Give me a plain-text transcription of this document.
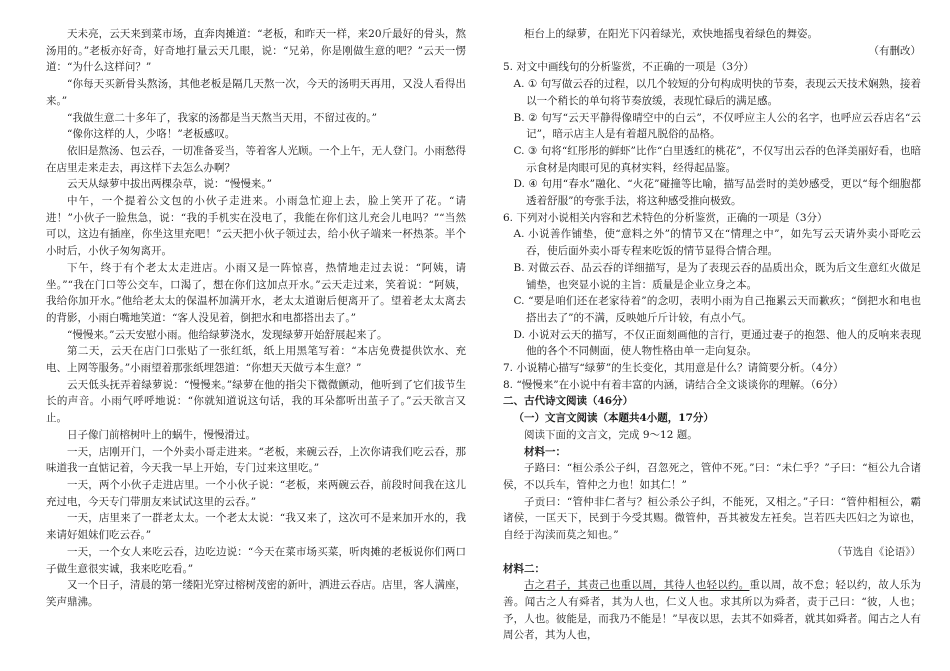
天未亮，云天来到菜市场，直奔肉摊道：“老板，和昨天一样，来20斤最好的骨头，熬汤用的。”老板亦好奇，好奇地打量云天几眼，说：“兄弟，你是刚做生意的吧？”云天一愣道：“为什么这样问？”

“你每天买新骨头熬汤，其他老板是隔几天熬一次，今天的汤明天再用，又没人看得出来。”

“我做生意二十多年了，我家的汤都是当天熬当天用，不留过夜的。”

“像你这样的人，少咯！”老板感叹。

依旧是熬汤、包云吞，一切准备妥当，等着客人光顾。一个上午，无人登门。小雨愁得在店里走来走去，再这样下去怎么办啊？

云天从绿萝中拔出两棵杂草，说：“慢慢来。”

中午，一个提着公文包的小伙子走进来。小雨急忙迎上去，脸上笑开了花。“请进！”小伙子一脸焦急，说：“我的手机实在没电了，我能在你们这儿充会儿电吗？”“当然可以，这边有插座，你坐这里充吧！”云天把小伙子领过去，给小伙子端来一杯热茶。半个小时后，小伙子匆匆离开。

下午，终于有个老太太走进店。小雨又是一阵惊喜，热情地走过去说：“阿姨，请坐。”“我在门口等公交车，口渴了，想在你们这加点开水。”云天走过来，笑着说：“阿姨，我给你加开水。”他给老太太的保温杯加满开水，老太太道谢后便离开了。望着老太太离去的背影，小雨白嘴地笑道：“客人没见着，倒把水和电都搭出去了。”

“慢慢来。”云天安慰小雨。他给绿萝浇水，发现绿萝开始舒展起来了。

第二天，云天在店门口张贴了一张红纸，纸上用黑笔写着：“本店免费提供饮水、充电、上网等服务。”小雨望着那张纸埋怨道：“你想天天做亏本生意？”

云天低头抚弄着绿萝说：“慢慢来。”绿萝在他的指尖下微微颤动，他听到了它们拔节生长的声音。小雨气呼呼地说：“你就知道说这句话，我的耳朵都听出茧子了。”云天欲言又止。

日子像门前榕树叶上的蜗牛，慢慢滑过。

一天，店刚开门，一个外卖小哥走进来。“老板，来碗云吞，上次你请我们吃云吞，那味道我一直惦记着，今天我一早上开始，专门过来这里吃。”

一天，两个小伙子走进店里。一个小伙子说：“老板，来两碗云吞，前段时间我在这儿充过电，今天专门带朋友来试试这里的云吞。”

一天，店里来了一群老太太。一个老太太说：“我又来了，这次可不是来加开水的，我来请好姐妹们吃云吞。”

一天，一个女人来吃云吞，边吃边说：“今天在菜市场买菜，听肉摊的老板说你们两口子做生意很实诚，我来吃吃看。”

又一个日子，清晨的第一缕阳光穿过榕树茂密的新叶，洒进云吞店。店里，客人满座，笑声鼎沸。

柜台上的绿萝，在阳光下闪着绿光，欢快地摇曳着绿色的舞姿。

（有删改）

5. 对文中画线句的分析鉴赏，不正确的一项是（3分）

A. ① 句写做云吞的过程，以几个较短的分句构成明快的节奏，表现云天技术娴熟，接着以一个稍长的单句将节奏放缓，表现忙碌后的满足感。

B. ② 句写“云天平静得像晴空中的白云”，不仅呼应主人公的名字，也呼应云吞店名“云记”，暗示店主人是有着超凡脱俗的品格。

C. ③ 句将“红彤彤的鲜虾”比作“白里透红的桃花”，不仅写出云吞的色泽美丽好看，也暗示食材是肉眼可见的真材实料，经得起品鉴。

D. ④ 句用“春水”融化、“火花”碰撞等比喻，描写品尝时的美妙感受，更以“每个细胞都透着舒服”的夸张手法，将这种感受推向极致。

6. 下列对小说相关内容和艺术特色的分析鉴赏，正确的一项是（3分）

A. 小说善作铺垫，使“意料之外”的情节又在“情理之中”，如先写云天请外卖小哥吃云吞，使后面外卖小哥专程来吃饭的情节显得合情合理。

B. 对做云吞、品云吞的详细描写，是为了表现云吞的品质出众，既为后文生意红火做足铺垫，也突显小说的主旨：质量是企业立身之本。

C. “要是咱们还在老家待着”的念叨，表明小雨为自己拖累云天而歉疚；“倒把水和电也搭出去了”的不满，反映她斤斤计较，有点小气。

D. 小说对云天的描写，不仅正面刻画他的言行，更通过妻子的抱怨、他人的反响来表现他的各个不同侧面，使人物性格由单一走向复杂。

7. 小说精心描写“绿萝”的生长变化，其用意是什么？请简要分析。（4分）

8. “慢慢来”在小说中有着丰富的内涵，请结合全文谈谈你的理解。（6分）

二、古代诗文阅读（46分）

（一）文言文阅读（本题共4小题，17分）

阅读下面的文言文，完成 9～12 题。

材料一：

子路曰：“桓公杀公子纠，召忽死之，管仲不死。”曰：“未仁乎？”子曰：“桓公九合诸侯，不以兵车，管仲之力也！如其仁！”

子贡曰：“管仲非仁者与？桓公杀公子纠，不能死，又相之。”子曰：“管仲相桓公，霸诸侯，一匡天下，民到于今受其赐。微管仲，吾其被发左衽矣。岂若匹夫匹妇之为谅也，自经于沟渎而莫之知也。”

（节选自《论语》）

材料二：

古之君子，其责己也重以周，其待人也轻以约。重以周，故不怠；轻以约，故人乐为善。闻古之人有舜者，其为人也，仁义人也。求其所以为舜者，责于己曰：“彼，人也；予，人也。彼能是，而我乃不能是！”早夜以思，去其不如舜者，就其如舜者。闻古之人有周公者，其为人也，
